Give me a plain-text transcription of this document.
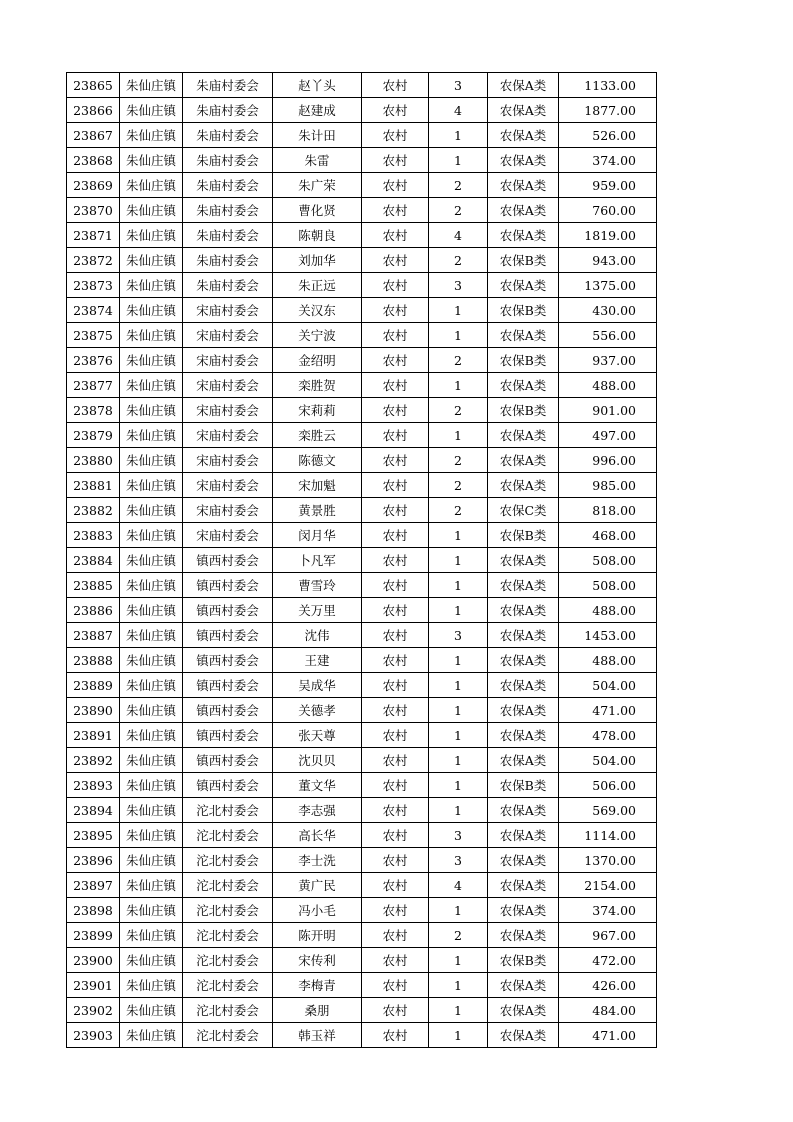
23865	朱仙庄镇	朱庙村委会	赵丫头	农村	3	农保A类	1133.00
23866	朱仙庄镇	朱庙村委会	赵建成	农村	4	农保A类	1877.00
23867	朱仙庄镇	朱庙村委会	朱计田	农村	1	农保A类	526.00
23868	朱仙庄镇	朱庙村委会	朱雷	农村	1	农保A类	374.00
23869	朱仙庄镇	朱庙村委会	朱广荣	农村	2	农保A类	959.00
23870	朱仙庄镇	朱庙村委会	曹化贤	农村	2	农保A类	760.00
23871	朱仙庄镇	朱庙村委会	陈朝良	农村	4	农保A类	1819.00
23872	朱仙庄镇	朱庙村委会	刘加华	农村	2	农保B类	943.00
23873	朱仙庄镇	朱庙村委会	朱正远	农村	3	农保A类	1375.00
23874	朱仙庄镇	宋庙村委会	关汉东	农村	1	农保B类	430.00
23875	朱仙庄镇	宋庙村委会	关宁波	农村	1	农保A类	556.00
23876	朱仙庄镇	宋庙村委会	金绍明	农村	2	农保B类	937.00
23877	朱仙庄镇	宋庙村委会	栾胜贺	农村	1	农保A类	488.00
23878	朱仙庄镇	宋庙村委会	宋莉莉	农村	2	农保B类	901.00
23879	朱仙庄镇	宋庙村委会	栾胜云	农村	1	农保A类	497.00
23880	朱仙庄镇	宋庙村委会	陈德文	农村	2	农保A类	996.00
23881	朱仙庄镇	宋庙村委会	宋加魁	农村	2	农保A类	985.00
23882	朱仙庄镇	宋庙村委会	黄景胜	农村	2	农保C类	818.00
23883	朱仙庄镇	宋庙村委会	闵月华	农村	1	农保B类	468.00
23884	朱仙庄镇	镇西村委会	卜凡军	农村	1	农保A类	508.00
23885	朱仙庄镇	镇西村委会	曹雪玲	农村	1	农保A类	508.00
23886	朱仙庄镇	镇西村委会	关万里	农村	1	农保A类	488.00
23887	朱仙庄镇	镇西村委会	沈伟	农村	3	农保A类	1453.00
23888	朱仙庄镇	镇西村委会	王建	农村	1	农保A类	488.00
23889	朱仙庄镇	镇西村委会	吴成华	农村	1	农保A类	504.00
23890	朱仙庄镇	镇西村委会	关德孝	农村	1	农保A类	471.00
23891	朱仙庄镇	镇西村委会	张天尊	农村	1	农保A类	478.00
23892	朱仙庄镇	镇西村委会	沈贝贝	农村	1	农保A类	504.00
23893	朱仙庄镇	镇西村委会	董文华	农村	1	农保B类	506.00
23894	朱仙庄镇	沱北村委会	李志强	农村	1	农保A类	569.00
23895	朱仙庄镇	沱北村委会	高长华	农村	3	农保A类	1114.00
23896	朱仙庄镇	沱北村委会	李士洗	农村	3	农保A类	1370.00
23897	朱仙庄镇	沱北村委会	黄广民	农村	4	农保A类	2154.00
23898	朱仙庄镇	沱北村委会	冯小毛	农村	1	农保A类	374.00
23899	朱仙庄镇	沱北村委会	陈开明	农村	2	农保A类	967.00
23900	朱仙庄镇	沱北村委会	宋传利	农村	1	农保B类	472.00
23901	朱仙庄镇	沱北村委会	李梅青	农村	1	农保A类	426.00
23902	朱仙庄镇	沱北村委会	桑朋	农村	1	农保A类	484.00
23903	朱仙庄镇	沱北村委会	韩玉祥	农村	1	农保A类	471.00
